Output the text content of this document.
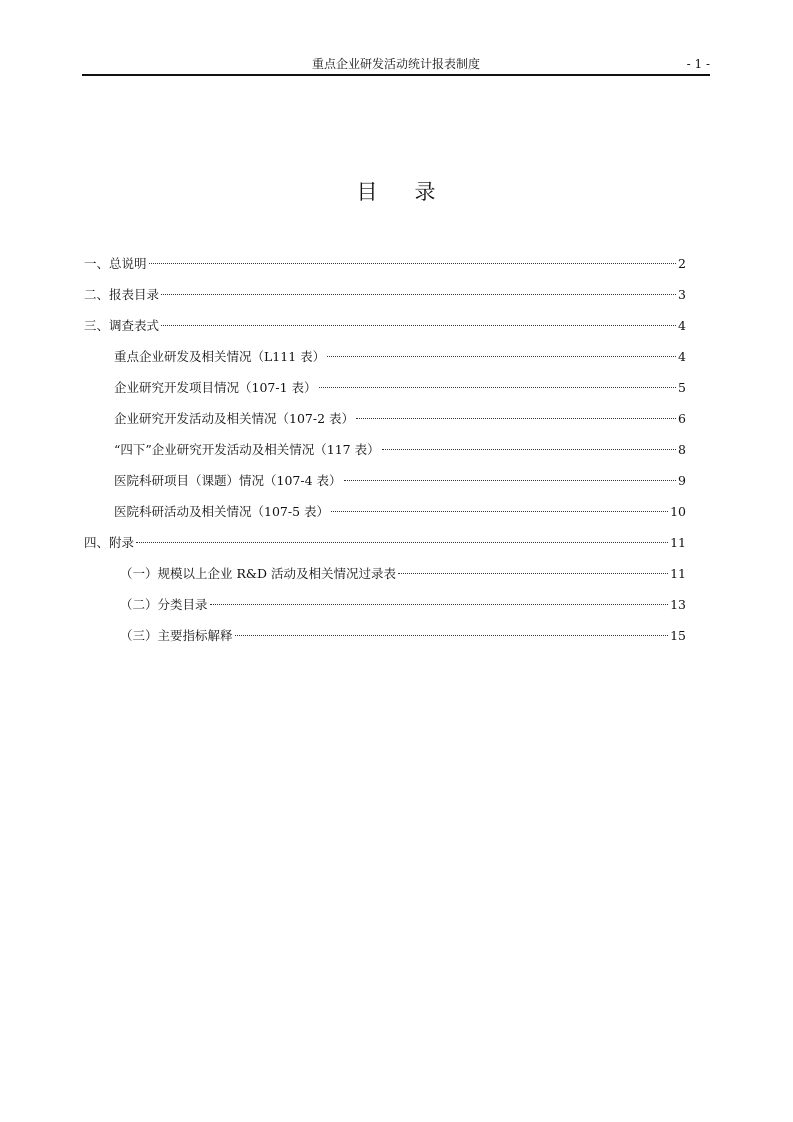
重点企业研发活动统计报表制度	- 1 -
目 录
一、总说明	2
二、报表目录	3
三、调查表式	4
重点企业研发及相关情况（L111 表）	4
企业研究开发项目情况（107-1 表）	5
企业研究开发活动及相关情况（107-2 表）	6
“四下”企业研究开发活动及相关情况（117 表）	8
医院科研项目（课题）情况（107-4 表）	9
医院科研活动及相关情况（107-5 表）	10
四、附录	11
（一）规模以上企业 R&D 活动及相关情况过录表	11
（二）分类目录	13
（三）主要指标解释	15
